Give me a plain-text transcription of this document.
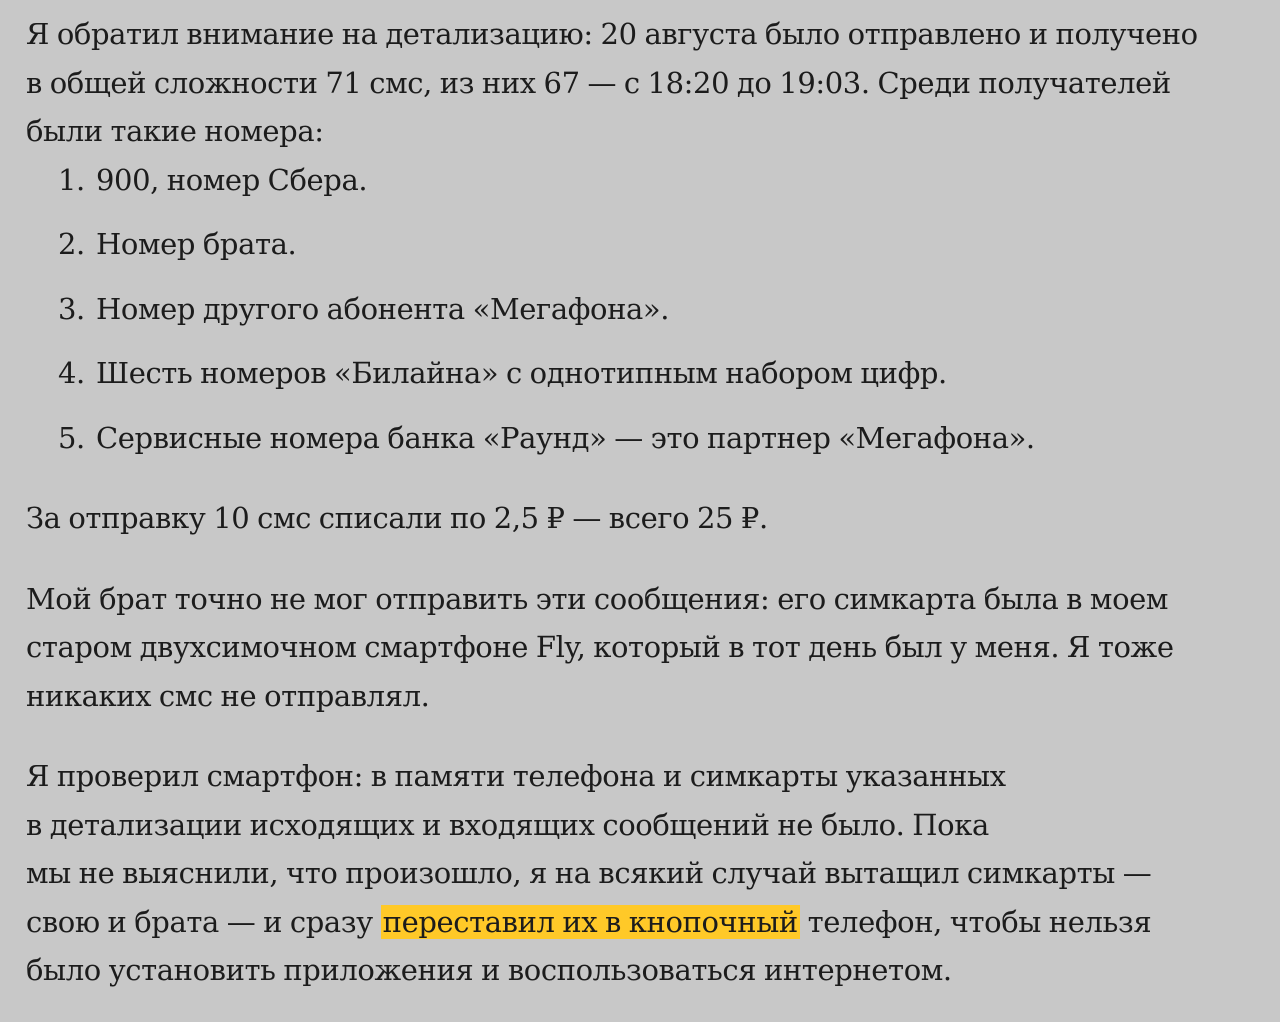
Я обратил внимание на детализацию: 20 августа было отправлено и получено
в общей сложности 71 смс, из них 67 — с 18:20 до 19:03. Среди получателей
были такие номера:

1. 900, номер Сбера.
2. Номер брата.
3. Номер другого абонента «Мегафона».
4. Шесть номеров «Билайна» с однотипным набором цифр.
5. Сервисные номера банка «Раунд» — это партнер «Мегафона».

За отправку 10 смс списали по 2,5 ₽ — всего 25 ₽.

Мой брат точно не мог отправить эти сообщения: его симкарта была в моем
старом двухсимочном смартфоне Fly, который в тот день был у меня. Я тоже
никаких смс не отправлял.

Я проверил смартфон: в памяти телефона и симкарты указанных
в детализации исходящих и входящих сообщений не было. Пока
мы не выяснили, что произошло, я на всякий случай вытащил симкарты —
свою и брата — и сразу переставил их в кнопочный телефон, чтобы нельзя
было установить приложения и воспользоваться интернетом.
